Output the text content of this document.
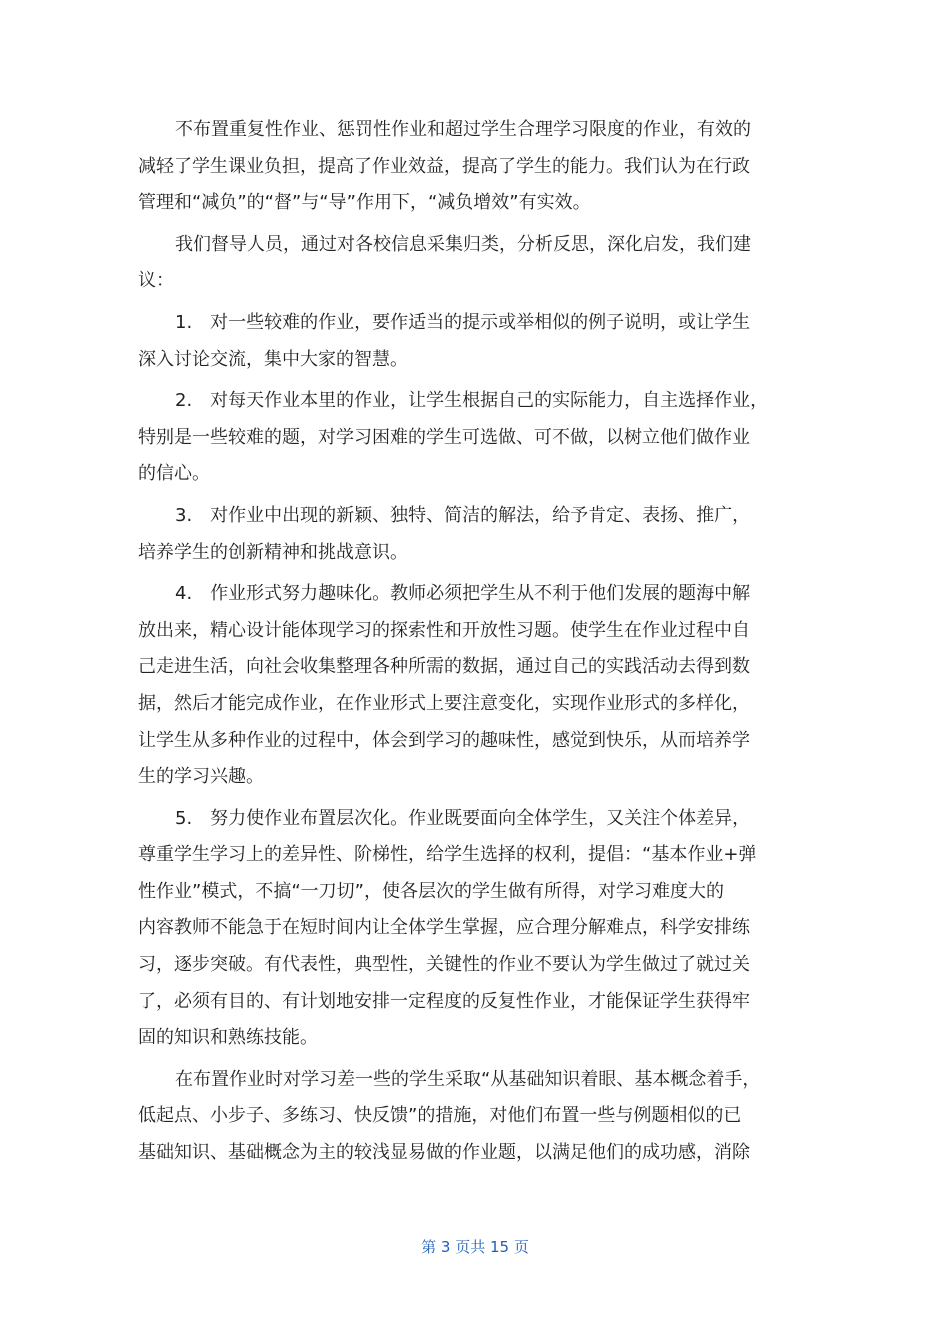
不布置重复性作业、惩罚性作业和超过学生合理学习限度的作业，有效的
减轻了学生课业负担，提高了作业效益，提高了学生的能力。我们认为在行政
管理和“减负”的“督”与“导”作用下，“减负增效”有实效。

我们督导人员，通过对各校信息采集归类，分析反思，深化启发，我们建
议：

1.　对一些较难的作业，要作适当的提示或举相似的例子说明，或让学生
深入讨论交流，集中大家的智慧。

2.　对每天作业本里的作业，让学生根据自己的实际能力，自主选择作业，
特别是一些较难的题，对学习困难的学生可选做、可不做，以树立他们做作业
的信心。

3.　对作业中出现的新颖、独特、简洁的解法，给予肯定、表扬、推广，
培养学生的创新精神和挑战意识。

4.　作业形式努力趣味化。教师必须把学生从不利于他们发展的题海中解
放出来，精心设计能体现学习的探索性和开放性习题。使学生在作业过程中自
己走进生活，向社会收集整理各种所需的数据，通过自己的实践活动去得到数
据，然后才能完成作业，在作业形式上要注意变化，实现作业形式的多样化，
让学生从多种作业的过程中，体会到学习的趣味性，感觉到快乐，从而培养学
生的学习兴趣。

5.　努力使作业布置层次化。作业既要面向全体学生，又关注个体差异，
尊重学生学习上的差异性、阶梯性，给学生选择的权利，提倡：“基本作业+弹
性作业”模式，不搞“一刀切”，使各层次的学生做有所得，对学习难度大的
内容教师不能急于在短时间内让全体学生掌握，应合理分解难点，科学安排练
习，逐步突破。有代表性，典型性，关键性的作业不要认为学生做过了就过关
了，必须有目的、有计划地安排一定程度的反复性作业，才能保证学生获得牢
固的知识和熟练技能。

在布置作业时对学习差一些的学生采取“从基础知识着眼、基本概念着手，
低起点、小步子、多练习、快反馈”的措施，对他们布置一些与例题相似的已
基础知识、基础概念为主的较浅显易做的作业题，以满足他们的成功感，消除

第 3 页共 15 页
